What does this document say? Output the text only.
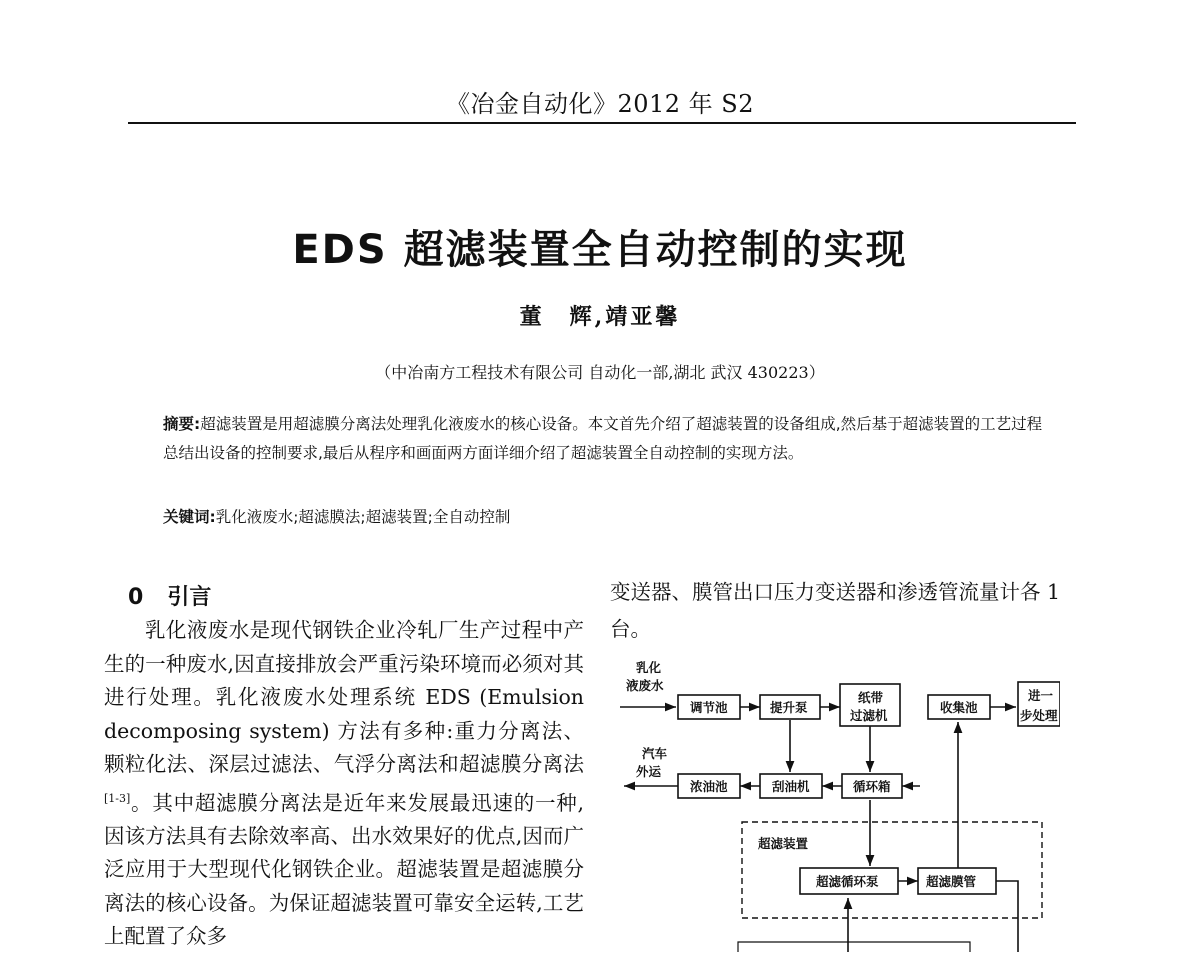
《冶金自动化》2012 年 S2
EDS 超滤装置全自动控制的实现
董　辉,靖亚馨
（中冶南方工程技术有限公司 自动化一部,湖北 武汉 430223）
摘要:超滤装置是用超滤膜分离法处理乳化液废水的核心设备。本文首先介绍了超滤装置的设备组成,然后基于超滤装置的工艺过程总结出设备的控制要求,最后从程序和画面两方面详细介绍了超滤装置全自动控制的实现方法。
关键词:乳化液废水;超滤膜法;超滤装置;全自动控制
0 引言

乳化液废水是现代钢铁企业冷轧厂生产过程中产生的一种废水,因直接排放会严重污染环境而必须对其进行处理。乳化液废水处理系统 EDS (Emulsion decomposing system) 方法有多种:重力分离法、颗粒化法、深层过滤法、气浮分离法和超滤膜分离法[1-3]。其中超滤膜分离法是近年来发展最迅速的一种,因该方法具有去除效率高、出水效果好的优点,因而广泛应用于大型现代化钢铁企业。超滤装置是超滤膜分离法的核心设备。为保证超滤装置可靠安全运转,工艺上配置了众多

变送器、膜管出口压力变送器和渗透管流量计各 1 台。

超滤装置
乳化
液废水
汽车
外运
调节池	提升泵
纸带
过滤机
收集池
进一
步处理
浓油池	刮油机	循环箱
超滤循环泵	超滤膜管
